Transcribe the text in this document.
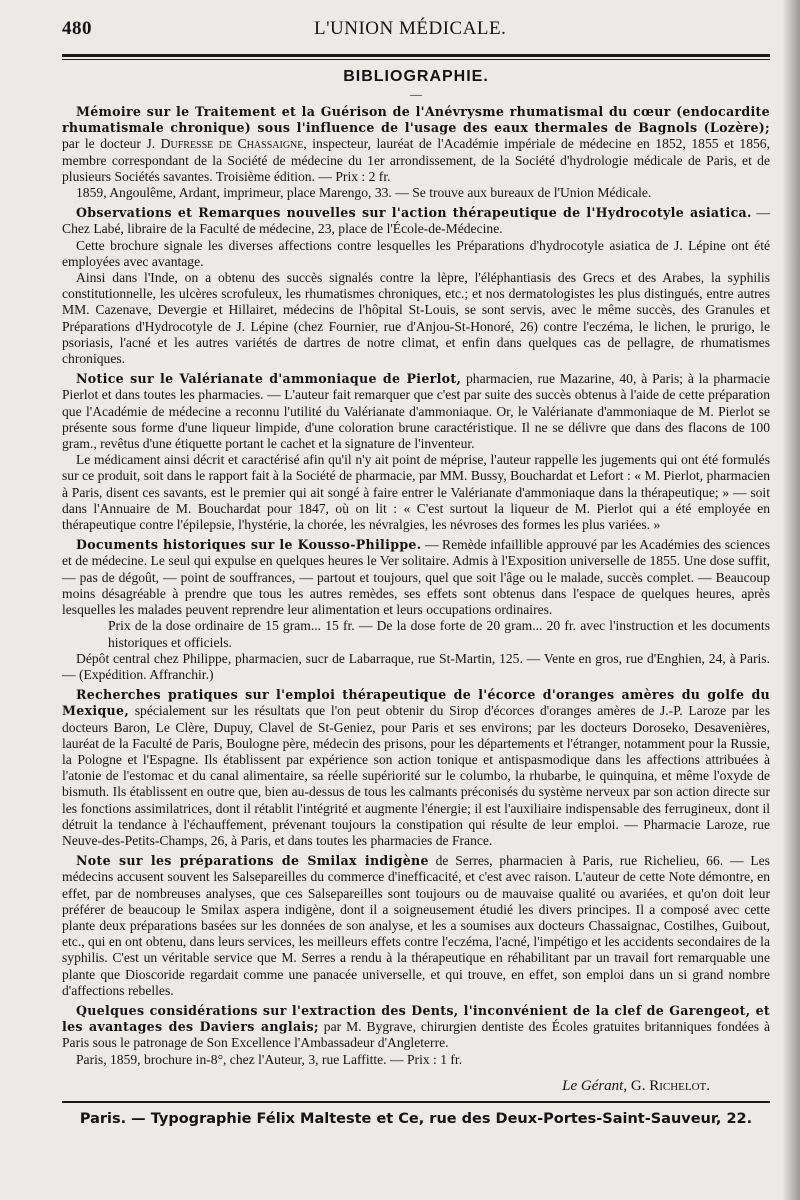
480	L'UNION MÉDICALE.
BIBLIOGRAPHIE.
—

Mémoire sur le Traitement et la Guérison de l'Anévrysme rhumatismal du cœur (endocardite rhumatismale chronique) sous l'influence de l'usage des eaux thermales de Bagnols (Lozère); par le docteur J. Dufresse de Chassaigne, inspecteur, lauréat de l'Académie impériale de médecine en 1852, 1855 et 1856, membre correspondant de la Société de médecine du 1er arrondissement, de la Société d'hydrologie médicale de Paris, et de plusieurs Sociétés savantes. Troisième édition. — Prix : 2 fr.

1859, Angoulême, Ardant, imprimeur, place Marengo, 33. — Se trouve aux bureaux de l'Union Médicale.

Observations et Remarques nouvelles sur l'action thérapeutique de l'Hydrocotyle asiatica. — Chez Labé, libraire de la Faculté de médecine, 23, place de l'École-de-Médecine.

Cette brochure signale les diverses affections contre lesquelles les Préparations d'hydrocotyle asiatica de J. Lépine ont été employées avec avantage.

Ainsi dans l'Inde, on a obtenu des succès signalés contre la lèpre, l'éléphantiasis des Grecs et des Arabes, la syphilis constitutionnelle, les ulcères scrofuleux, les rhumatismes chroniques, etc.; et nos dermatologistes les plus distingués, entre autres MM. Cazenave, Devergie et Hillairet, médecins de l'hôpital St-Louis, se sont servis, avec le même succès, des Granules et Préparations d'Hydrocotyle de J. Lépine (chez Fournier, rue d'Anjou-St-Honoré, 26) contre l'eczéma, le lichen, le prurigo, le psoriasis, l'acné et les autres variétés de dartres de notre climat, et enfin dans quelques cas de pellagre, de rhumatismes chroniques.

Notice sur le Valérianate d'ammoniaque de Pierlot, pharmacien, rue Mazarine, 40, à Paris; à la pharmacie Pierlot et dans toutes les pharmacies. — L'auteur fait remarquer que c'est par suite des succès obtenus à l'aide de cette préparation que l'Académie de médecine a reconnu l'utilité du Valérianate d'ammoniaque. Or, le Valérianate d'ammoniaque de M. Pierlot se présente sous forme d'une liqueur limpide, d'une coloration brune caractéristique. Il ne se délivre que dans des flacons de 100 gram., revêtus d'une étiquette portant le cachet et la signature de l'inventeur.

Le médicament ainsi décrit et caractérisé afin qu'il n'y ait point de méprise, l'auteur rappelle les jugements qui ont été formulés sur ce produit, soit dans le rapport fait à la Société de pharmacie, par MM. Bussy, Bouchardat et Lefort : « M. Pierlot, pharmacien à Paris, disent ces savants, est le premier qui ait songé à faire entrer le Valérianate d'ammoniaque dans la thérapeutique; » — soit dans l'Annuaire de M. Bouchardat pour 1847, où on lit : « C'est surtout la liqueur de M. Pierlot qui a été employée en thérapeutique contre l'épilepsie, l'hystérie, la chorée, les névralgies, les névroses des formes les plus variées. »

Documents historiques sur le Kousso-Philippe. — Remède infaillible approuvé par les Académies des sciences et de médecine. Le seul qui expulse en quelques heures le Ver solitaire. Admis à l'Exposition universelle de 1855. Une dose suffit, — pas de dégoût, — point de souffrances, — partout et toujours, quel que soit l'âge ou le malade, succès complet. — Beaucoup moins désagréable à prendre que tous les autres remèdes, ses effets sont obtenus dans l'espace de quelques heures, après lesquelles les malades peuvent reprendre leur alimentation et leurs occupations ordinaires.

Prix de la dose ordinaire de 15 gram... 15 fr. — De la dose forte de 20 gram... 20 fr. avec l'instruction et les documents historiques et officiels.

Dépôt central chez Philippe, pharmacien, sucr de Labarraque, rue St-Martin, 125. — Vente en gros, rue d'Enghien, 24, à Paris. — (Expédition. Affranchir.)

Recherches pratiques sur l'emploi thérapeutique de l'écorce d'oranges amères du golfe du Mexique, spécialement sur les résultats que l'on peut obtenir du Sirop d'écorces d'oranges amères de J.-P. Laroze par les docteurs Baron, Le Clère, Dupuy, Clavel de St-Geniez, pour Paris et ses environs; par les docteurs Doroseko, Desavenières, lauréat de la Faculté de Paris, Boulogne père, médecin des prisons, pour les départements et l'étranger, notamment pour la Russie, la Pologne et l'Espagne. Ils établissent par expérience son action tonique et antispasmodique dans les affections attribuées à l'atonie de l'estomac et du canal alimentaire, sa réelle supériorité sur le columbo, la rhubarbe, le quinquina, et même l'oxyde de bismuth. Ils établissent en outre que, bien au-dessus de tous les calmants préconisés du système nerveux par son action directe sur les fonctions assimilatrices, dont il rétablit l'intégrité et augmente l'énergie; il est l'auxiliaire indispensable des ferrugineux, dont il détruit la tendance à l'échauffement, prévenant toujours la constipation qui résulte de leur emploi. — Pharmacie Laroze, rue Neuve-des-Petits-Champs, 26, à Paris, et dans toutes les pharmacies de France.

Note sur les préparations de Smilax indigène de Serres, pharmacien à Paris, rue Richelieu, 66. — Les médecins accusent souvent les Salsepareilles du commerce d'inefficacité, et c'est avec raison. L'auteur de cette Note démontre, en effet, par de nombreuses analyses, que ces Salsepareilles sont toujours ou de mauvaise qualité ou avariées, et qu'on doit leur préférer de beaucoup le Smilax aspera indigène, dont il a soigneusement étudié les divers principes. Il a composé avec cette plante deux préparations basées sur les données de son analyse, et les a soumises aux docteurs Chassaignac, Costilhes, Guibout, etc., qui en ont obtenu, dans leurs services, les meilleurs effets contre l'eczéma, l'acné, l'impétigo et les accidents secondaires de la syphilis. C'est un véritable service que M. Serres a rendu à la thérapeutique en réhabilitant par un travail fort remarquable une plante que Dioscoride regardait comme une panacée universelle, et qui trouve, en effet, son emploi dans un si grand nombre d'affections rebelles.

Quelques considérations sur l'extraction des Dents, l'inconvénient de la clef de Garengeot, et les avantages des Daviers anglais; par M. Bygrave, chirurgien dentiste des Écoles gratuites britanniques fondées à Paris sous le patronage de Son Excellence l'Ambassadeur d'Angleterre.

Paris, 1859, brochure in-8°, chez l'Auteur, 3, rue Laffitte. — Prix : 1 fr.

Le Gérant, G. Richelot.
Paris. — Typographie Félix Malteste et Ce, rue des Deux-Portes-Saint-Sauveur, 22.
